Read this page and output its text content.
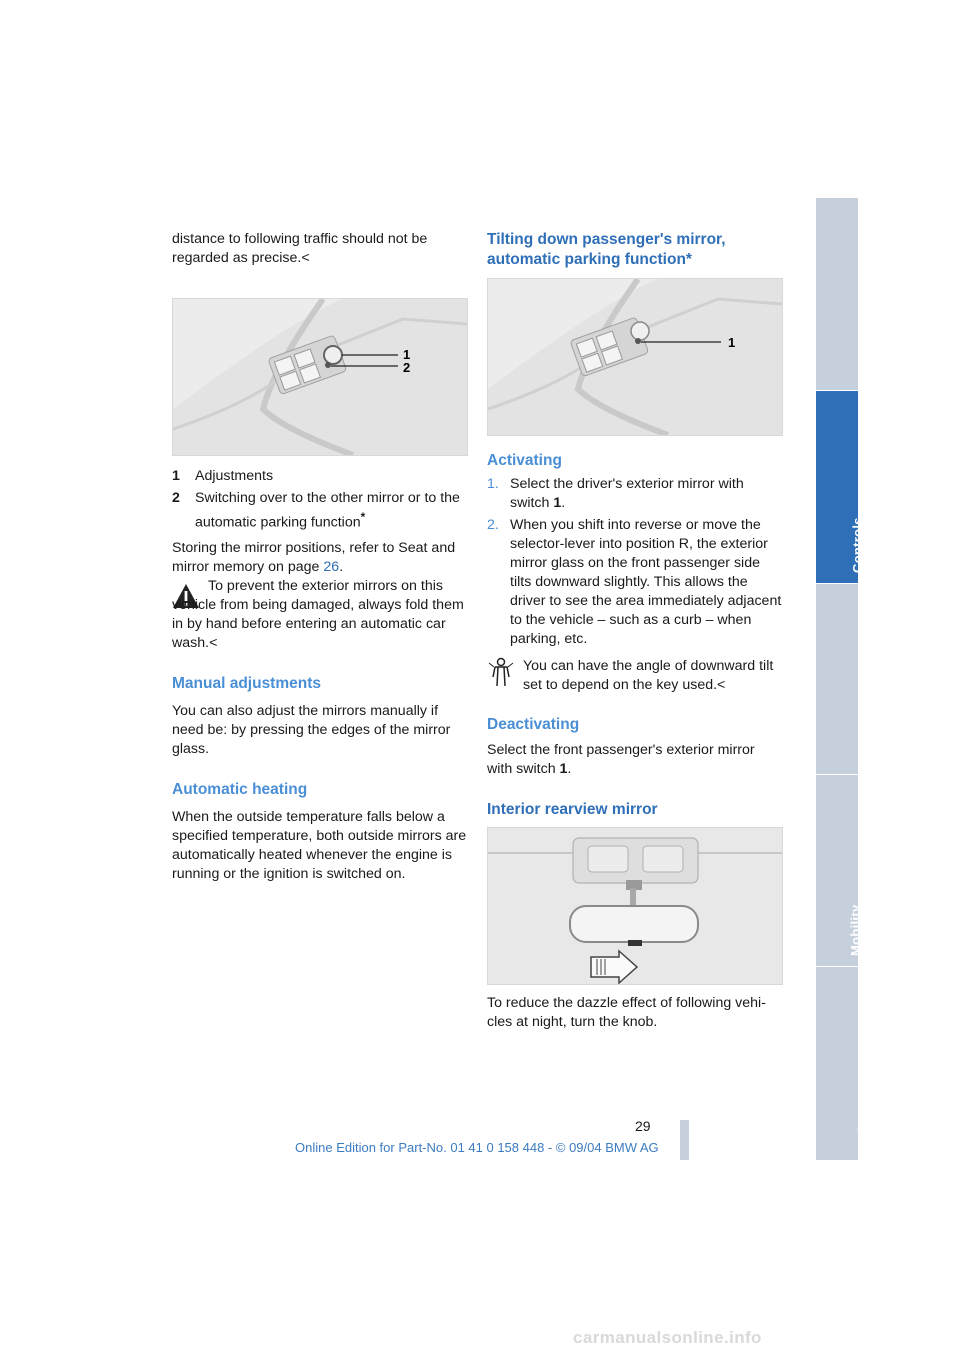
distance to following traffic should not be regarded as precise.<

1
2
1	Adjustments
2	Switching over to the other mirror or to the automatic parking function*

Storing the mirror positions, refer to Seat and mirror memory on page 26.

To prevent the exterior mirrors on this vehicle from being damaged, always fold them in by hand before entering an automatic car wash.<

Manual adjustments

You can also adjust the mirrors manually if need be: by pressing the edges of the mirror glass.

Automatic heating

When the outside temperature falls below a specified temperature, both outside mirrors are automatically heated whenever the engine is running or the ignition is switched on.

Tilting down passenger's mirror, automatic parking function*
1
Activating
1. Select the driver's exterior mirror with switch 1.
2. When you shift into reverse or move the selector-lever into position R, the exterior mirror glass on the front passenger side tilts downward slightly. This allows the driver to see the area immediately adjacent to the vehicle – such as a curb – when parking, etc.
You can have the angle of downward tilt set to depend on the key used.<
Deactivating

Select the front passenger's exterior mirror with switch 1.

Interior rearview mirror

To reduce the dazzle effect of following vehi-cles at night, turn the knob.

At a glance
Controls
Driving tips
Mobility
Reference
29
Online Edition for Part-No. 01 41 0 158 448 - © 09/04 BMW AG
carmanualsonline.info
